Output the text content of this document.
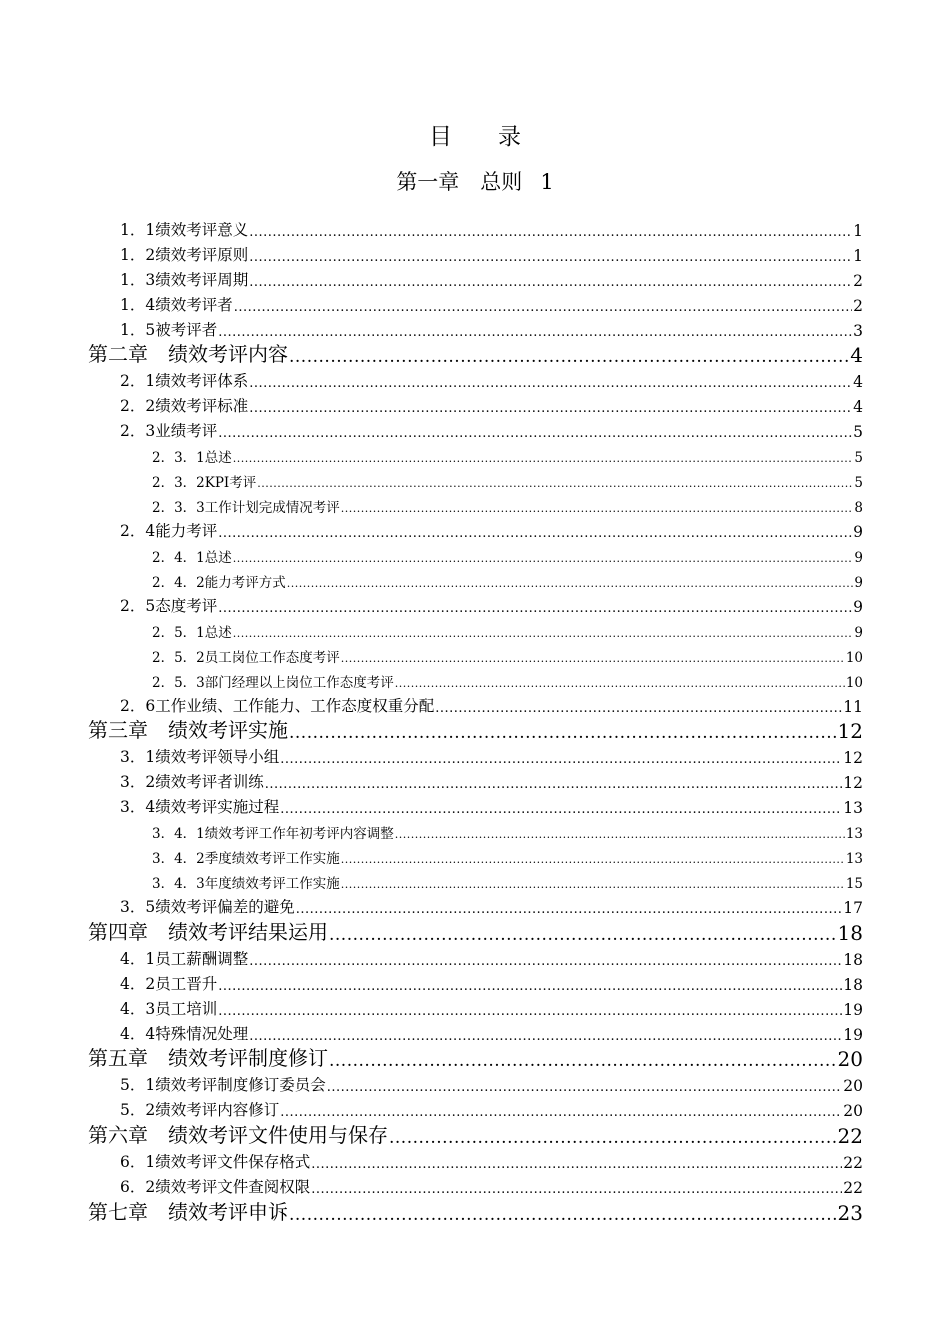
目 录
第一章　总则 1
1．1绩效考评意义 .....	1
1．2绩效考评原则 .....	1
1．3绩效考评周期 .....	2
1．4绩效考评者 .....	2
1．5被考评者 .....	3
第二章　绩效考评内容 .....	4
2．1绩效考评体系 .....	4
2．2绩效考评标准 .....	4
2．3业绩考评 .....	5
2．3．1总述 .....	5
2．3．2KPI考评 .....	5
2．3．3工作计划完成情况考评 .....	8
2．4能力考评 .....	9
2．4．1总述 .....	9
2．4．2能力考评方式 .....	9
2．5态度考评 .....	9
2．5．1总述 .....	9
2．5．2员工岗位工作态度考评 .....	10
2．5．3部门经理以上岗位工作态度考评 .....	10
2．6工作业绩、工作能力、工作态度权重分配 .....	11
第三章　绩效考评实施 .....	12
3．1绩效考评领导小组 .....	12
3．2绩效考评者训练 .....	12
3．4绩效考评实施过程 .....	13
3．4．1绩效考评工作年初考评内容调整 .....	13
3．4．2季度绩效考评工作实施 .....	13
3．4．3年度绩效考评工作实施 .....	15
3．5绩效考评偏差的避免 .....	17
第四章　绩效考评结果运用 .....	18
4．1员工薪酬调整 .....	18
4．2员工晋升 .....	18
4．3员工培训 .....	19
4．4特殊情况处理 .....	19
第五章　绩效考评制度修订 .....	20
5．1绩效考评制度修订委员会 .....	20
5．2绩效考评内容修订 .....	20
第六章　绩效考评文件使用与保存 .....	22
6．1绩效考评文件保存格式 .....	22
6．2绩效考评文件查阅权限 .....	22
第七章　绩效考评申诉 .....	23
